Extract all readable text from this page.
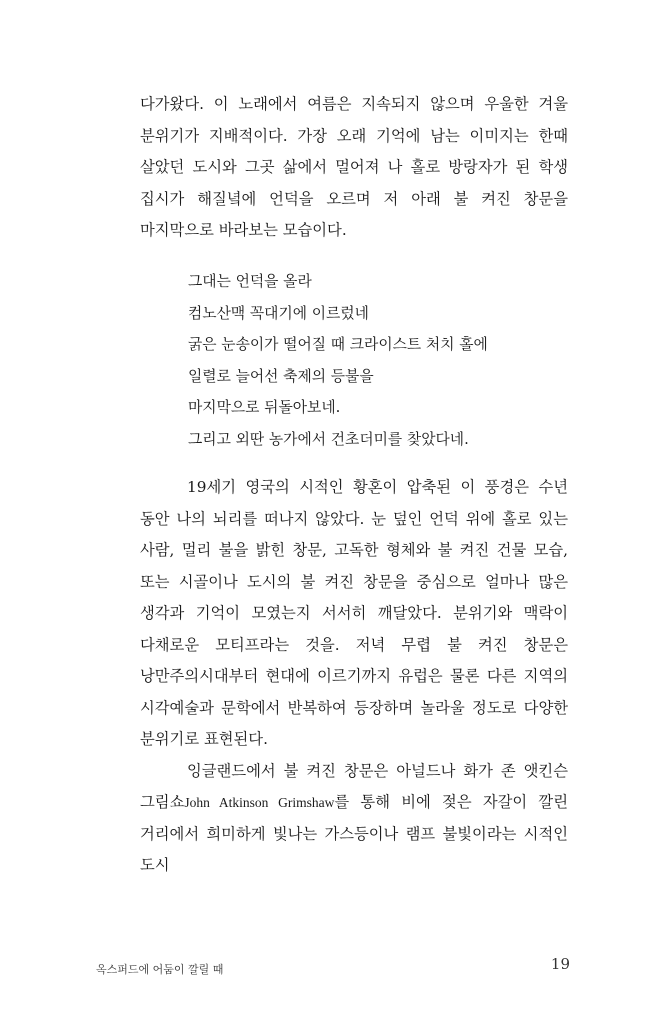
다가왔다. 이 노래에서 여름은 지속되지 않으며 우울한 겨울 분위기가 지배적이다. 가장 오래 기억에 남는 이미지는 한때 살았던 도시와 그곳 삶에서 멀어져 나 홀로 방랑자가 된 학생 집시가 해질녘에 언덕을 오르며 저 아래 불 켜진 창문을 마지막으로 바라보는 모습이다.

그대는 언덕을 올라
컴노산맥 꼭대기에 이르렀네
굵은 눈송이가 떨어질 때 크라이스트 처치 홀에
일렬로 늘어선 축제의 등불을
마지막으로 뒤돌아보네.
그리고 외딴 농가에서 건초더미를 찾았다네.

19세기 영국의 시적인 황혼이 압축된 이 풍경은 수년 동안 나의 뇌리를 떠나지 않았다. 눈 덮인 언덕 위에 홀로 있는 사람, 멀리 불을 밝힌 창문, 고독한 형체와 불 켜진 건물 모습, 또는 시골이나 도시의 불 켜진 창문을 중심으로 얼마나 많은 생각과 기억이 모였는지 서서히 깨달았다. 분위기와 맥락이 다채로운 모티프라는 것을. 저녁 무렵 불 켜진 창문은 낭만주의시대부터 현대에 이르기까지 유럽은 물론 다른 지역의 시각예술과 문학에서 반복하여 등장하며 놀라울 정도로 다양한 분위기로 표현된다.

잉글랜드에서 불 켜진 창문은 아널드나 화가 존 앳킨슨 그림쇼John Atkinson Grimshaw를 통해 비에 젖은 자갈이 깔린 거리에서 희미하게 빛나는 가스등이나 램프 불빛이라는 시적인 도시

옥스퍼드에 어둠이 깔릴 때	19
